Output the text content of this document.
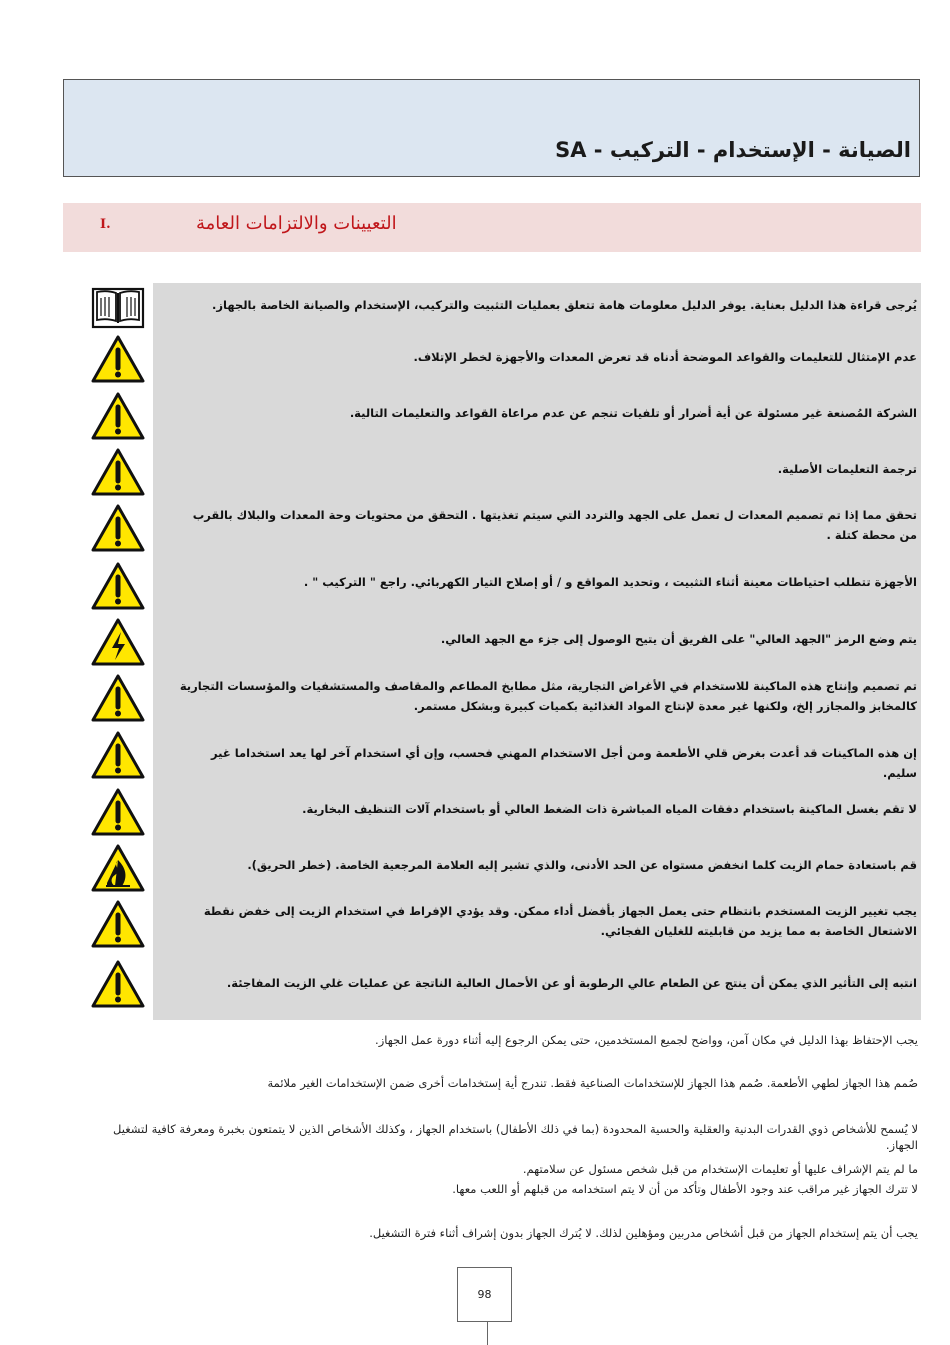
الصيانة - الإستخدام - التركيب - SA
I.	التعيينات والالتزامات العامة
يُرجى قراءة هذا الدليل بعناية. يوفر الدليل معلومات هامة تتعلق بعمليات التثبيت والتركيب، الإستخدام والصيانة الخاصة بالجهاز.
عدم الإمتثال للتعليمات والقواعد الموضحة أدناه قد تعرض المعدات والأجهزة لخطر الإتلاف.
الشركة المُصنعة غير مسئولة عن أية أضرار أو تلفيات تنجم عن عدم مراعاة القواعد والتعليمات التالية.
ترجمة التعليمات الأصلية.
تحقق مما إذا تم تصميم المعدات ل تعمل على الجهد والتردد التي سيتم تغذيتها . التحقق من محتويات وحة المعدات والبلاك بالقرب من محطة كتلة .
الأجهزة تتطلب احتياطات معينة أثناء التثبيت ، وتحديد المواقع و / أو إصلاح التيار الكهربائي. راجع " التركيب " .
يتم وضع الرمز "الجهد العالي" على الفريق أن يتيح الوصول إلى جزء مع الجهد العالي.
تم تصميم وإنتاج هذه الماكينة للاستخدام في الأغراض التجارية، مثل مطابخ المطاعم والمقاصف والمستشفيات والمؤسسات التجارية كالمخابز والمجازر إلخ، ولكنها غير معدة لإنتاج المواد الغذائية بكميات كبيرة وبشكل مستمر.
إن هذه الماكينات قد أعدت بغرض قلي الأطعمة ومن أجل الاستخدام المهني فحسب، وإن أي استخدام آخر لها يعد استخداما غير سليم.
لا تقم بغسل الماكينة باستخدام دفقات المياه المباشرة ذات الضغط العالي أو باستخدام آلات التنظيف البخارية.
قم باستعادة حمام الزيت كلما انخفض مستواه عن الحد الأدنى، والذي تشير إليه العلامة المرجعية الخاصة. (خطر الحريق).
يجب تغيير الزيت المستخدم بانتظام حتى يعمل الجهاز بأفضل أداء ممكن. وقد يؤدي الإفراط في استخدام الزيت إلى خفض نقطة الاشتعال الخاصة به مما يزيد من قابليته للغليان الفجائي.
انتبه إلى التأثير الذي يمكن أن ينتج عن الطعام عالي الرطوبة أو عن الأحمال العالية الناتجة عن عمليات غلي الزيت المفاجئة.
يجب الإحتفاظ بهذا الدليل في مكان آمن، وواضح لجميع المستخدمين، حتى يمكن الرجوع إليه أثناء دورة عمل الجهاز.
صُمم هذا الجهاز لطهي الأطعمة. صُمم هذا الجهاز للإستخدامات الصناعية فقط. تندرج أية إستخدامات أخرى ضمن الإستخدامات الغير ملائمة
لا يُسمح للأشخاص ذوي القدرات البدنية والعقلية والحسية المحدودة (بما في ذلك الأطفال) باستخدام الجهاز ، وكذلك الأشخاص الذين لا يتمتعون بخبرة ومعرفة كافية لتشغيل الجهاز.
ما لم يتم الإشراف عليها أو تعليمات الإستخدام من قبل شخص مسئول عن سلامتهم.
لا تترك الجهاز غير مراقب عند وجود الأطفال وتأكد من أن لا يتم استخدامه من قبلهم أو اللعب معها.
يجب أن يتم إستخدام الجهاز من قبل أشخاص مدربين ومؤهلين لذلك. لا يُترك الجهاز بدون إشراف أثناء فترة التشغيل.
98
